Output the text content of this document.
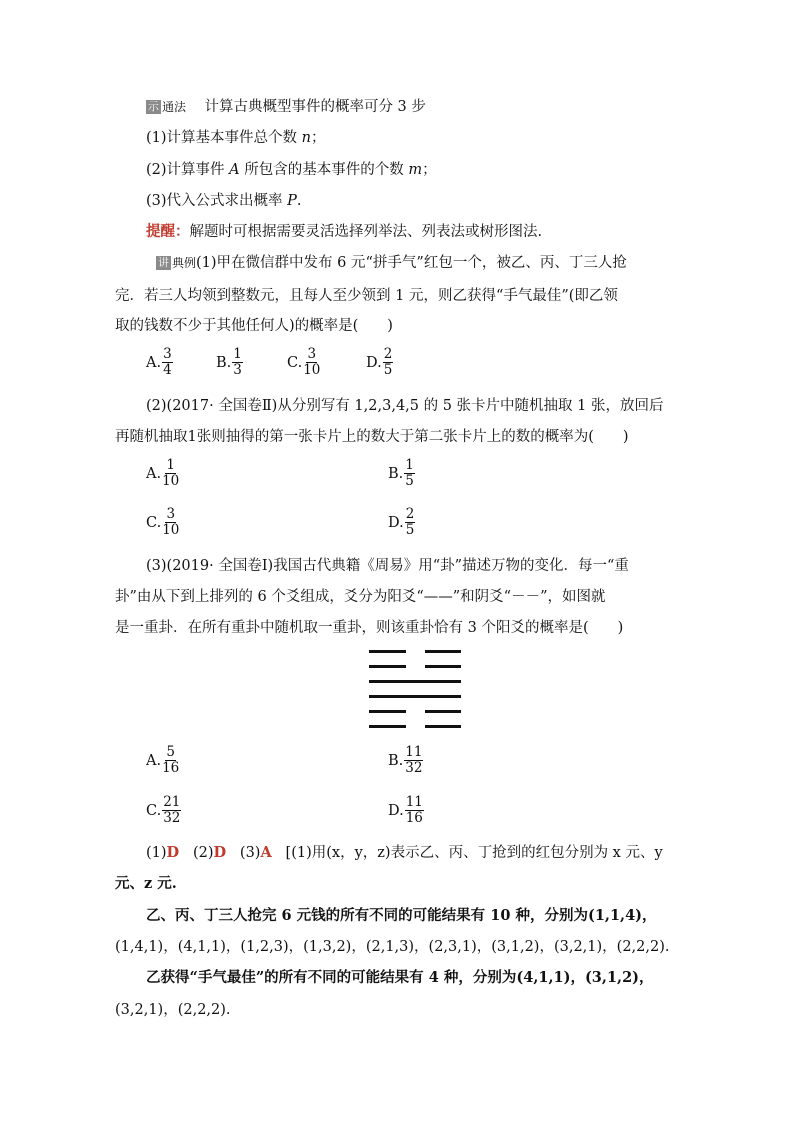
示 通法 计算古典概型事件的概率可分 3 步
(1)计算基本事件总个数 n；
(2)计算事件 A 所包含的基本事件的个数 m；
(3)代入公式求出概率 P.
提醒：解题时可根据需要灵活选择列举法、列表法或树形图法.
讲 典例(1)甲在微信群中发布 6 元“拼手气”红包一个，被乙、丙、丁三人抢
完．若三人均领到整数元，且每人至少领到 1 元，则乙获得“手气最佳”(即乙领
取的钱数不少于其他任何人)的概率是(　　)
A. $\frac{3}{4}$	B. $\frac{1}{3}$	C. $\frac{3}{10}$	D. $\frac{2}{5}$
(2)(2017· 全国卷Ⅱ)从分别写有 1,2,3,4,5 的 5 张卡片中随机抽取 1 张，放回后
再随机抽取1张则抽得的第一张卡片上的数大于第二张卡片上的数的概率为(　　)
A. $\frac{1}{10}$	B. $\frac{1}{5}$
C. $\frac{3}{10}$	D. $\frac{2}{5}$
(3)(2019· 全国卷Ⅰ)我国古代典籍《周易》用“卦”描述万物的变化．每一“重
卦”由从下到上排列的 6 个爻组成，爻分为阳爻“——”和阴爻“－－”，如图就
是一重卦．在所有重卦中随机取一重卦，则该重卦恰有 3 个阳爻的概率是(　　)
A. $\frac{5}{16}$	B. $\frac{11}{32}$
C. $\frac{21}{32}$	D. $\frac{11}{16}$
(1)D (2)D (3)A [(1)用(x，y，z)表示乙、丙、丁抢到的红包分别为 x 元、y
元、z 元.
乙、丙、丁三人抢完 6 元钱的所有不同的可能结果有 10 种，分别为(1,1,4)，
(1,4,1)，(4,1,1)，(1,2,3)，(1,3,2)，(2,1,3)，(2,3,1)，(3,1,2)，(3,2,1)，(2,2,2).
乙获得“手气最佳”的所有不同的可能结果有 4 种，分别为(4,1,1)，(3,1,2)，
(3,2,1)，(2,2,2).
